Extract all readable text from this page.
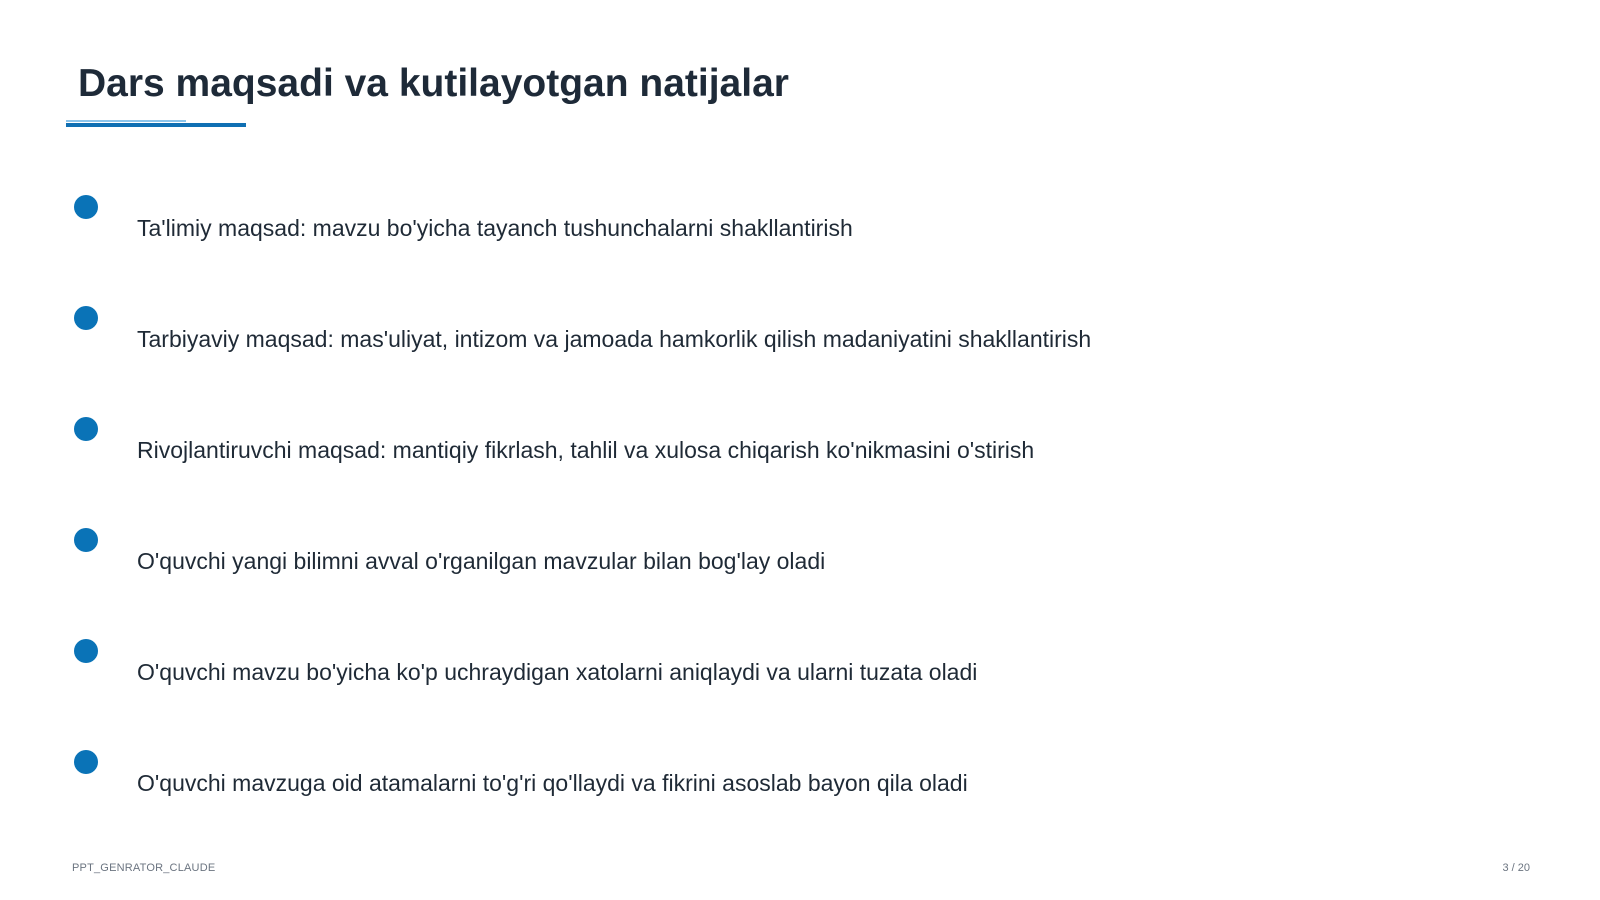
Dars maqsadi va kutilayotgan natijalar
Ta'limiy maqsad: mavzu bo'yicha tayanch tushunchalarni shakllantirish
Tarbiyaviy maqsad: mas'uliyat, intizom va jamoada hamkorlik qilish madaniyatini shakllantirish
Rivojlantiruvchi maqsad: mantiqiy fikrlash, tahlil va xulosa chiqarish ko'nikmasini o'stirish
O'quvchi yangi bilimni avval o'rganilgan mavzular bilan bog'lay oladi
O'quvchi mavzu bo'yicha ko'p uchraydigan xatolarni aniqlaydi va ularni tuzata oladi
O'quvchi mavzuga oid atamalarni to'g'ri qo'llaydi va fikrini asoslab bayon qila oladi
PPT_GENRATOR_CLAUDE	3 / 20
